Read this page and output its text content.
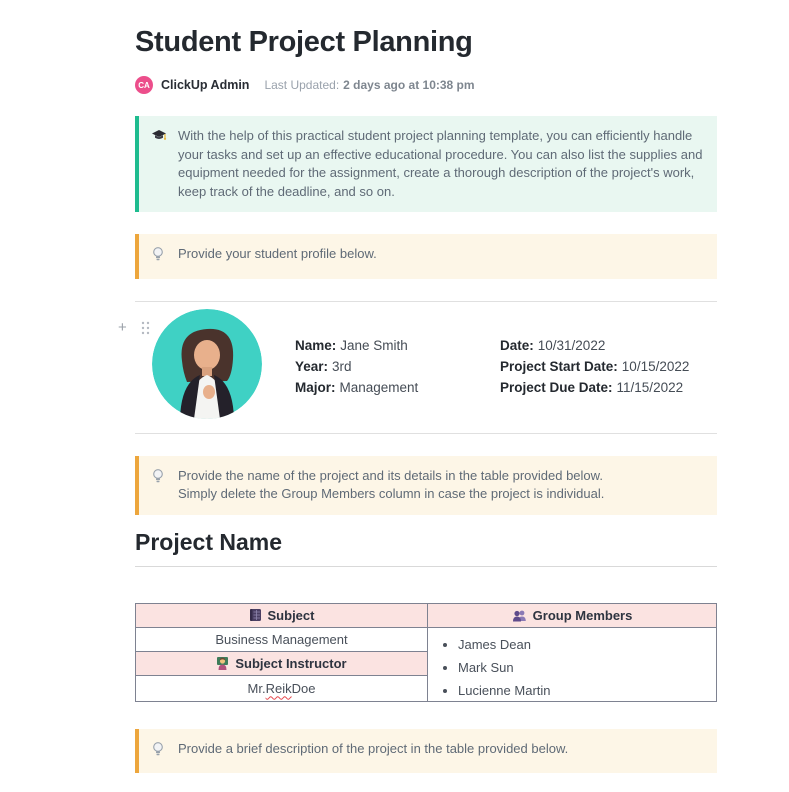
Student Project Planning
CA ClickUp Admin Last Updated: 2 days ago at 10:38 pm
With the help of this practical student project planning template, you can efficiently handle your tasks and set up an effective educational procedure. You can also list the supplies and equipment needed for the assignment, create a thorough description of the project's work, keep track of the deadline, and so on.
Provide your student profile below.
+
Name: Jane Smith
Year: 3rd
Major: Management
Date: 10/31/2022
Project Start Date: 10/15/2022
Project Due Date: 11/15/2022
Provide the name of the project and its details in the table provided below.
Simply delete the Group Members column in case the project is individual.
Project Name
Subject	Group Members
Business Management	• James Dean
• Mark Sun
• Lucienne Martin
Subject Instructor
Mr. Reik Doe
Provide a brief description of the project in the table provided below.
